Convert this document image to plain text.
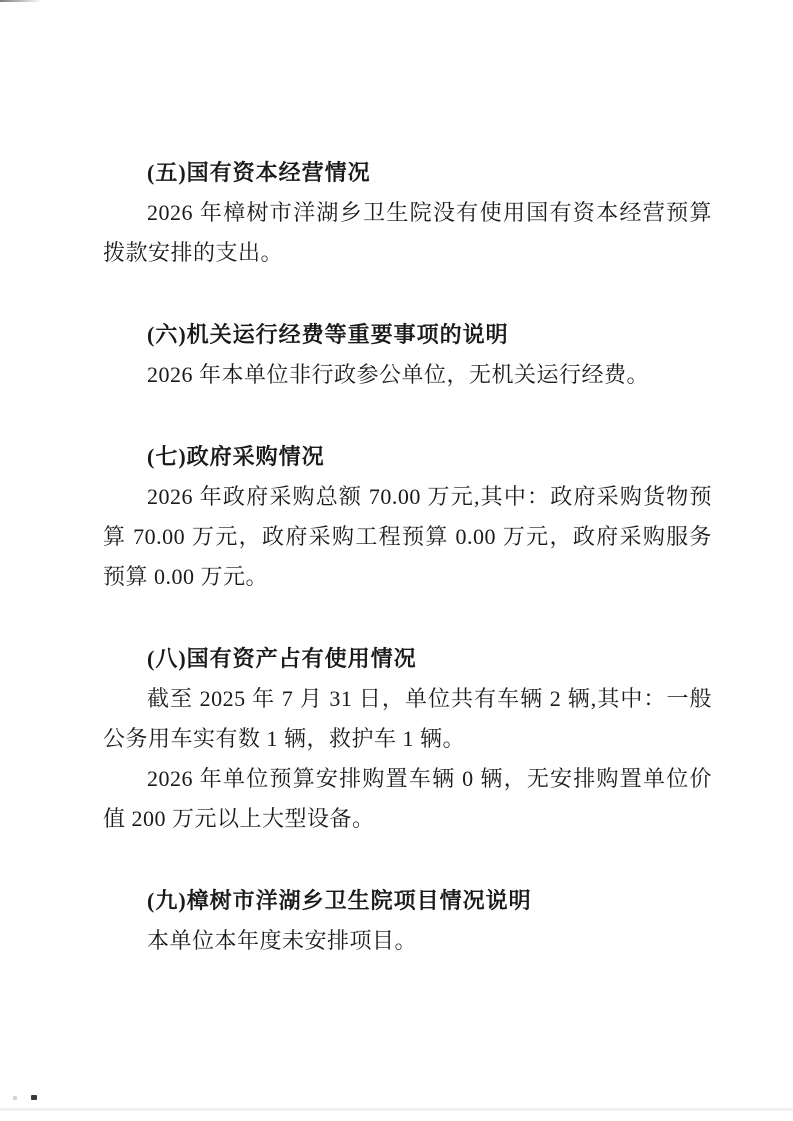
(五)国有资本经营情况

2026 年樟树市洋湖乡卫生院没有使用国有资本经营预算拨款安排的支出。

(六)机关运行经费等重要事项的说明

2026 年本单位非行政参公单位，无机关运行经费。

(七)政府采购情况

2026 年政府采购总额 70.00 万元,其中：政府采购货物预算 70.00 万元，政府采购工程预算 0.00 万元，政府采购服务预算 0.00 万元。

(八)国有资产占有使用情况

截至 2025 年 7 月 31 日，单位共有车辆 2 辆,其中：一般公务用车实有数 1 辆，救护车 1 辆。

2026 年单位预算安排购置车辆 0 辆，无安排购置单位价值 200 万元以上大型设备。

(九)樟树市洋湖乡卫生院项目情况说明

本单位本年度未安排项目。
